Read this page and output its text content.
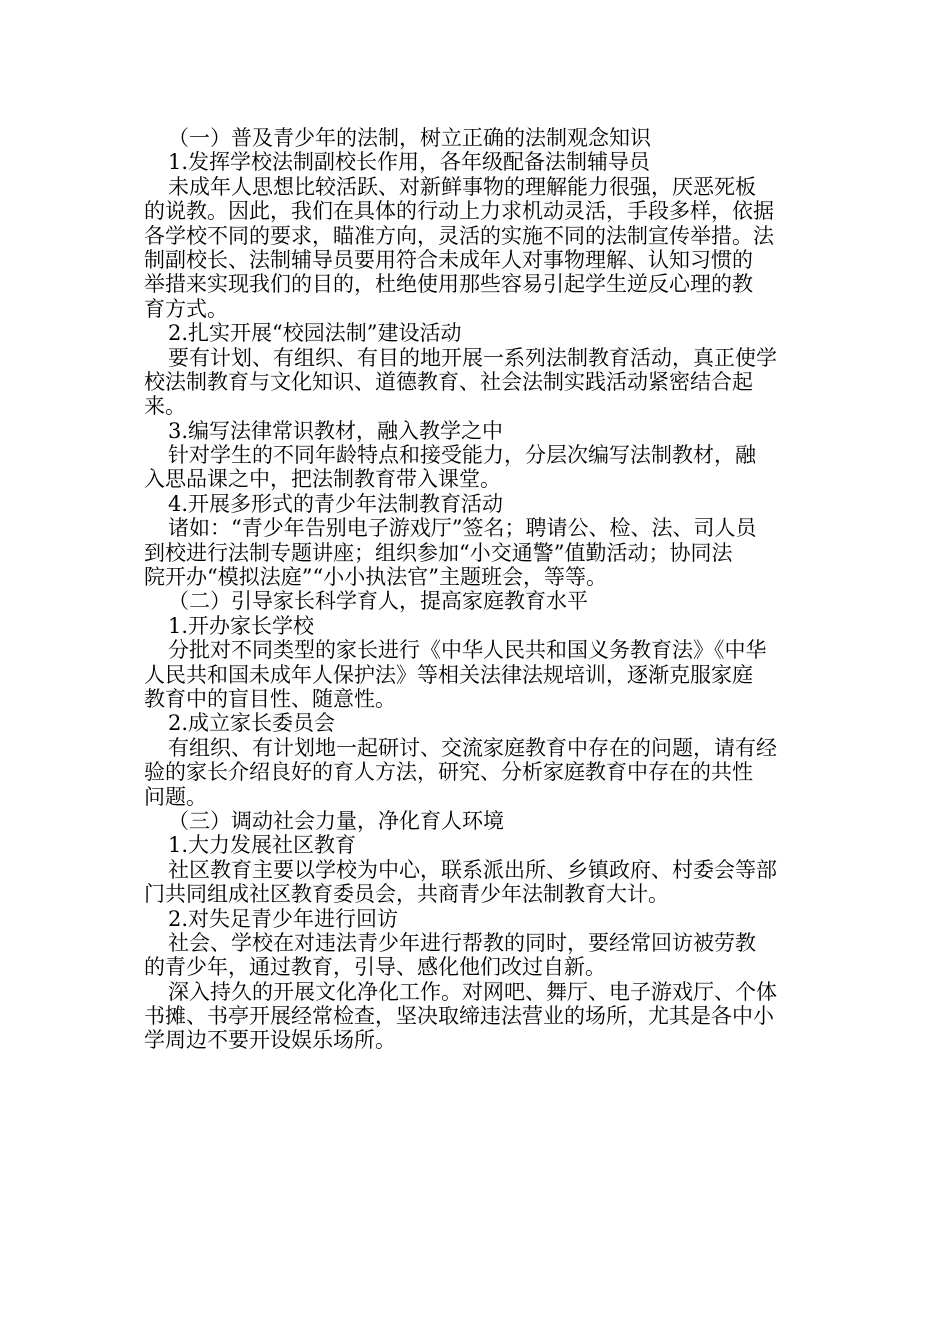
（一）普及青少年的法制，树立正确的法制观念知识
1.发挥学校法制副校长作用，各年级配备法制辅导员
未成年人思想比较活跃、对新鲜事物的理解能力很强，厌恶死板
的说教。因此，我们在具体的行动上力求机动灵活，手段多样，依据
各学校不同的要求，瞄准方向，灵活的实施不同的法制宣传举措。法
制副校长、法制辅导员要用符合未成年人对事物理解、认知习惯的
举措来实现我们的目的，杜绝使用那些容易引起学生逆反心理的教
育方式。
2.扎实开展“校园法制”建设活动
要有计划、有组织、有目的地开展一系列法制教育活动，真正使学
校法制教育与文化知识、道德教育、社会法制实践活动紧密结合起
来。
3.编写法律常识教材，融入教学之中
针对学生的不同年龄特点和接受能力，分层次编写法制教材，融
入思品课之中，把法制教育带入课堂。
4.开展多形式的青少年法制教育活动
诸如：“青少年告别电子游戏厅”签名；聘请公、检、法、司人员
到校进行法制专题讲座；组织参加“小交通警”值勤活动；协同法
院开办“模拟法庭”“小小执法官”主题班会，等等。
（二）引导家长科学育人，提高家庭教育水平
1.开办家长学校
分批对不同类型的家长进行《中华人民共和国义务教育法》《中华
人民共和国未成年人保护法》等相关法律法规培训，逐渐克服家庭
教育中的盲目性、随意性。
2.成立家长委员会
有组织、有计划地一起研讨、交流家庭教育中存在的问题，请有经
验的家长介绍良好的育人方法，研究、分析家庭教育中存在的共性
问题。
（三）调动社会力量，净化育人环境
1.大力发展社区教育
社区教育主要以学校为中心，联系派出所、乡镇政府、村委会等部
门共同组成社区教育委员会，共商青少年法制教育大计。
2.对失足青少年进行回访
社会、学校在对违法青少年进行帮教的同时，要经常回访被劳教
的青少年，通过教育，引导、感化他们改过自新。
深入持久的开展文化净化工作。对网吧、舞厅、电子游戏厅、个体
书摊、书亭开展经常检查，坚决取缔违法营业的场所，尤其是各中小
学周边不要开设娱乐场所。
